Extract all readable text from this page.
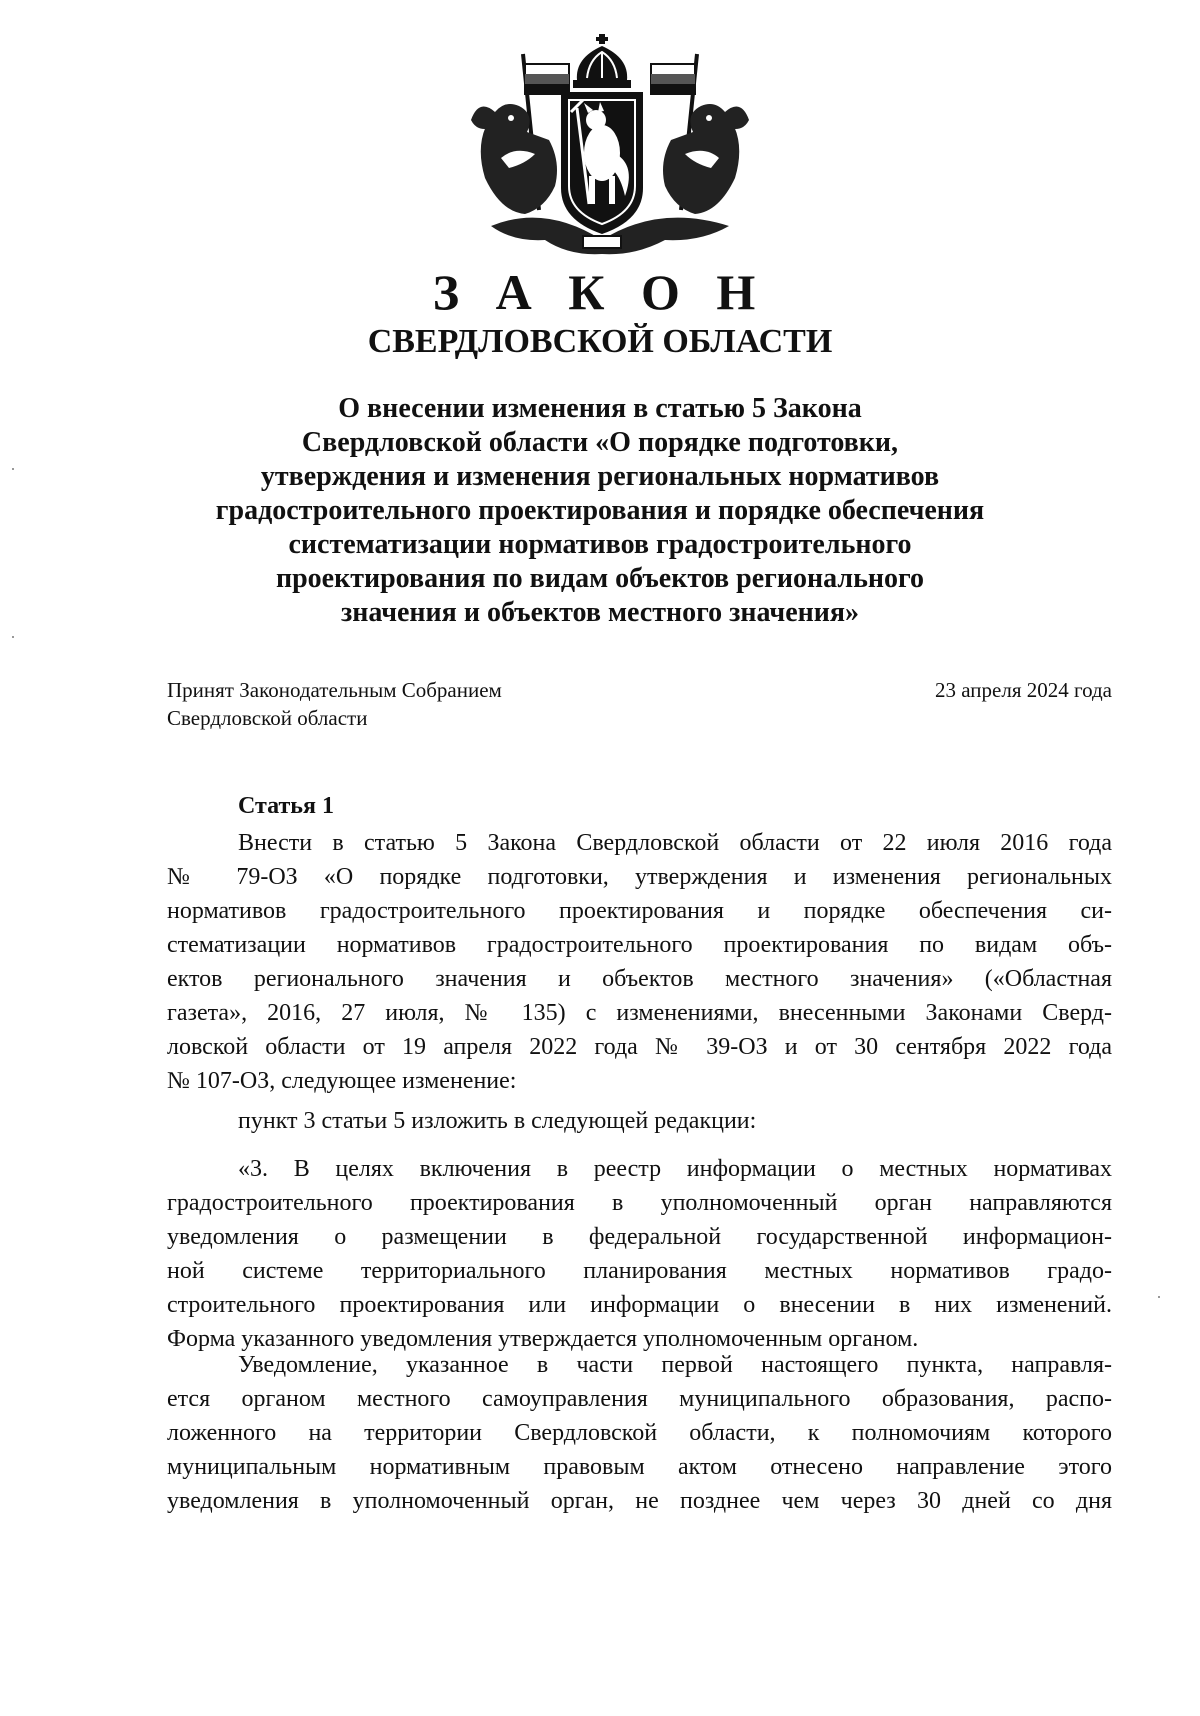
З А К О Н
СВЕРДЛОВСКОЙ ОБЛАСТИ
О внесении изменения в статью 5 Закона
Свердловской области «О порядке подготовки,
утверждения и изменения региональных нормативов
градостроительного проектирования и порядке обеспечения
систематизации нормативов градостроительного
проектирования по видам объектов регионального
значения и объектов местного значения»
Принят Законодательным Собранием
Свердловской области
23 апреля 2024 года
Статья 1
Внести в статью 5 Закона Свердловской области от 22 июля 2016 года
№ 79-ОЗ «О порядке подготовки, утверждения и изменения региональных
нормативов градостроительного проектирования и порядке обеспечения си-
стематизации нормативов градостроительного проектирования по видам объ-
ектов регионального значения и объектов местного значения» («Областная
газета», 2016, 27 июля, № 135) с изменениями, внесенными Законами Сверд-
ловской области от 19 апреля 2022 года № 39-ОЗ и от 30 сентября 2022 года
№ 107-ОЗ, следующее изменение:
пункт 3 статьи 5 изложить в следующей редакции:
«3. В целях включения в реестр информации о местных нормативах
градостроительного проектирования в уполномоченный орган направляются
уведомления о размещении в федеральной государственной информацион-
ной системе территориального планирования местных нормативов градо-
строительного проектирования или информации о внесении в них изменений.
Форма указанного уведомления утверждается уполномоченным органом.
Уведомление, указанное в части первой настоящего пункта, направля-
ется органом местного самоуправления муниципального образования, распо-
ложенного на территории Свердловской области, к полномочиям которого
муниципальным нормативным правовым актом отнесено направление этого
уведомления в уполномоченный орган, не позднее чем через 30 дней со дня
